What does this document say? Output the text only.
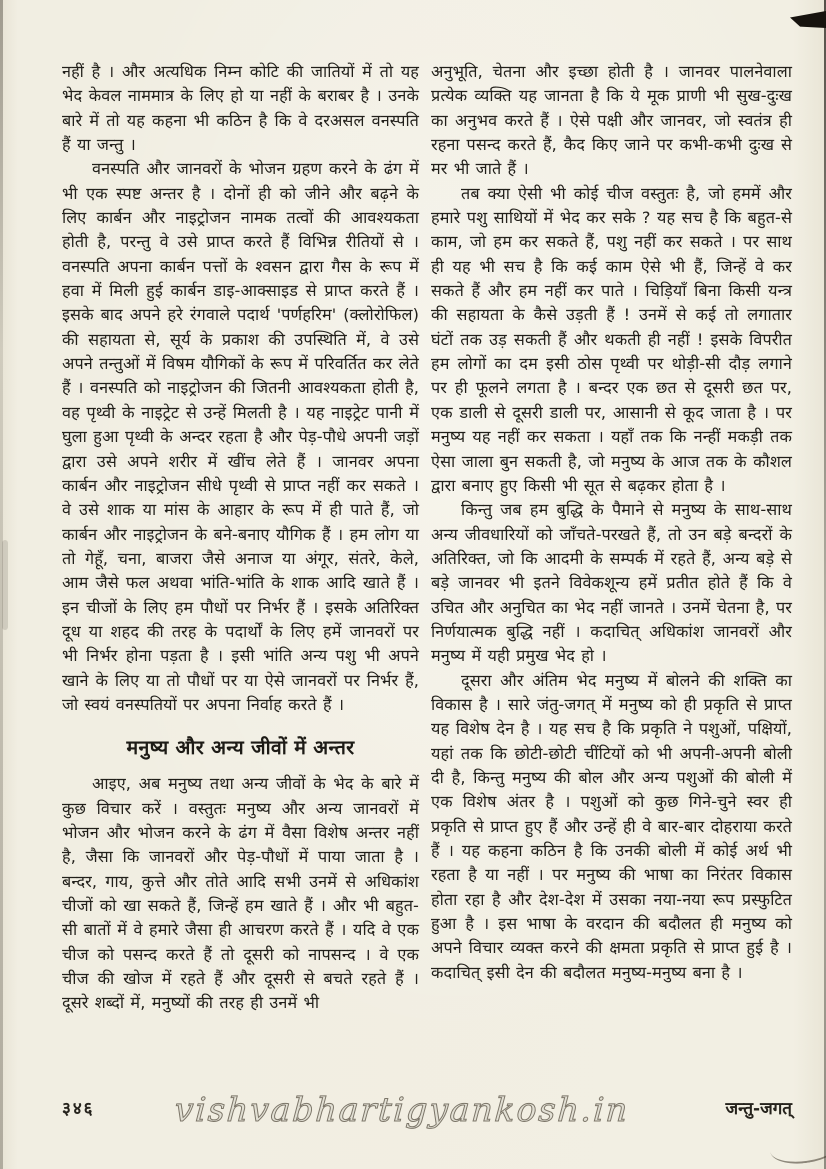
नहीं है । और अत्यधिक निम्न कोटि की जातियों में तो यह भेद केवल नाममात्र के लिए हो या नहीं के बराबर है । उनके बारे में तो यह कहना भी कठिन है कि वे दरअसल वनस्पति हैं या जन्तु ।

वनस्पति और जानवरों के भोजन ग्रहण करने के ढंग में भी एक स्पष्ट अन्तर है । दोनों ही को जीने और बढ़ने के लिए कार्बन और नाइट्रोजन नामक तत्वों की आवश्यकता होती है, परन्तु वे उसे प्राप्त करते हैं विभिन्न रीतियों से । वनस्पति अपना कार्बन पत्तों के श्वसन द्वारा गैस के रूप में हवा में मिली हुई कार्बन डाइ-आक्साइड से प्राप्त करते हैं । इसके बाद अपने हरे रंगवाले पदार्थ 'पर्णहरिम' (क्लोरोफिल) की सहायता से, सूर्य के प्रकाश की उपस्थिति में, वे उसे अपने तन्तुओं में विषम यौगिकों के रूप में परिवर्तित कर लेते हैं । वनस्पति को नाइट्रोजन की जितनी आवश्यकता होती है, वह पृथ्वी के नाइट्रेट से उन्हें मिलती है । यह नाइट्रेट पानी में घुला हुआ पृथ्वी के अन्दर रहता है और पेड़-पौधे अपनी जड़ों द्वारा उसे अपने शरीर में खींच लेते हैं । जानवर अपना कार्बन और नाइट्रोजन सीधे पृथ्वी से प्राप्त नहीं कर सकते । वे उसे शाक या मांस के आहार के रूप में ही पाते हैं, जो कार्बन और नाइट्रोजन के बने-बनाए यौगिक हैं । हम लोग या तो गेहूँ, चना, बाजरा जैसे अनाज या अंगूर, संतरे, केले, आम जैसे फल अथवा भांति-भांति के शाक आदि खाते हैं । इन चीजों के लिए हम पौधों पर निर्भर हैं । इसके अतिरिक्त दूध या शहद की तरह के पदार्थों के लिए हमें जानवरों पर भी निर्भर होना पड़ता है । इसी भांति अन्य पशु भी अपने खाने के लिए या तो पौधों पर या ऐसे जानवरों पर निर्भर हैं, जो स्वयं वनस्पतियों पर अपना निर्वाह करते हैं ।

मनुष्य और अन्य जीवों में अन्तर

आइए, अब मनुष्य तथा अन्य जीवों के भेद के बारे में कुछ विचार करें । वस्तुतः मनुष्य और अन्य जानवरों में भोजन और भोजन करने के ढंग में वैसा विशेष अन्तर नहीं है, जैसा कि जानवरों और पेड़-पौधों में पाया जाता है । बन्दर, गाय, कुत्ते और तोते आदि सभी उनमें से अधिकांश चीजों को खा सकते हैं, जिन्हें हम खाते हैं । और भी बहुत-सी बातों में वे हमारे जैसा ही आचरण करते हैं । यदि वे एक चीज को पसन्द करते हैं तो दूसरी को नापसन्द । वे एक चीज की खोज में रहते हैं और दूसरी से बचते रहते हैं । दूसरे शब्दों में, मनुष्यों की तरह ही उनमें भी

अनुभूति, चेतना और इच्छा होती है । जानवर पालनेवाला प्रत्येक व्यक्ति यह जानता है कि ये मूक प्राणी भी सुख-दुःख का अनुभव करते हैं । ऐसे पक्षी और जानवर, जो स्वतंत्र ही रहना पसन्द करते हैं, कैद किए जाने पर कभी-कभी दुःख से मर भी जाते हैं ।

तब क्या ऐसी भी कोई चीज वस्तुतः है, जो हममें और हमारे पशु साथियों में भेद कर सके ? यह सच है कि बहुत-से काम, जो हम कर सकते हैं, पशु नहीं कर सकते । पर साथ ही यह भी सच है कि कई काम ऐसे भी हैं, जिन्हें वे कर सकते हैं और हम नहीं कर पाते । चिड़ियाँ बिना किसी यन्त्र की सहायता के कैसे उड़ती हैं ! उनमें से कई तो लगातार घंटों तक उड़ सकती हैं और थकती ही नहीं ! इसके विपरीत हम लोगों का दम इसी ठोस पृथ्वी पर थोड़ी-सी दौड़ लगाने पर ही फूलने लगता है । बन्दर एक छत से दूसरी छत पर, एक डाली से दूसरी डाली पर, आसानी से कूद जाता है । पर मनुष्य यह नहीं कर सकता । यहाँ तक कि नन्हीं मकड़ी तक ऐसा जाला बुन सकती है, जो मनुष्य के आज तक के कौशल द्वारा बनाए हुए किसी भी सूत से बढ़कर होता है ।

किन्तु जब हम बुद्धि के पैमाने से मनुष्य के साथ-साथ अन्य जीवधारियों को जाँचते-परखते हैं, तो उन बड़े बन्दरों के अतिरिक्त, जो कि आदमी के सम्पर्क में रहते हैं, अन्य बड़े से बड़े जानवर भी इतने विवेकशून्य हमें प्रतीत होते हैं कि वे उचित और अनुचित का भेद नहीं जानते । उनमें चेतना है, पर निर्णयात्मक बुद्धि नहीं । कदाचित् अधिकांश जानवरों और मनुष्य में यही प्रमुख भेद हो ।

दूसरा और अंतिम भेद मनुष्य में बोलने की शक्ति का विकास है । सारे जंतु-जगत् में मनुष्य को ही प्रकृति से प्राप्त यह विशेष देन है । यह सच है कि प्रकृति ने पशुओं, पक्षियों, यहां तक कि छोटी-छोटी चींटियों को भी अपनी-अपनी बोली दी है, किन्तु मनुष्य की बोल और अन्य पशुओं की बोली में एक विशेष अंतर है । पशुओं को कुछ गिने-चुने स्वर ही प्रकृति से प्राप्त हुए हैं और उन्हें ही वे बार-बार दोहराया करते हैं । यह कहना कठिन है कि उनकी बोली में कोई अर्थ भी रहता है या नहीं । पर मनुष्य की भाषा का निरंतर विकास होता रहा है और देश-देश में उसका नया-नया रूप प्रस्फुटित हुआ है । इस भाषा के वरदान की बदौलत ही मनुष्य को अपने विचार व्यक्त करने की क्षमता प्रकृति से प्राप्त हुई है । कदाचित् इसी देन की बदौलत मनुष्य-मनुष्य बना है ।

३४६	vishvabhartigyankosh.in	जन्तु-जगत्
